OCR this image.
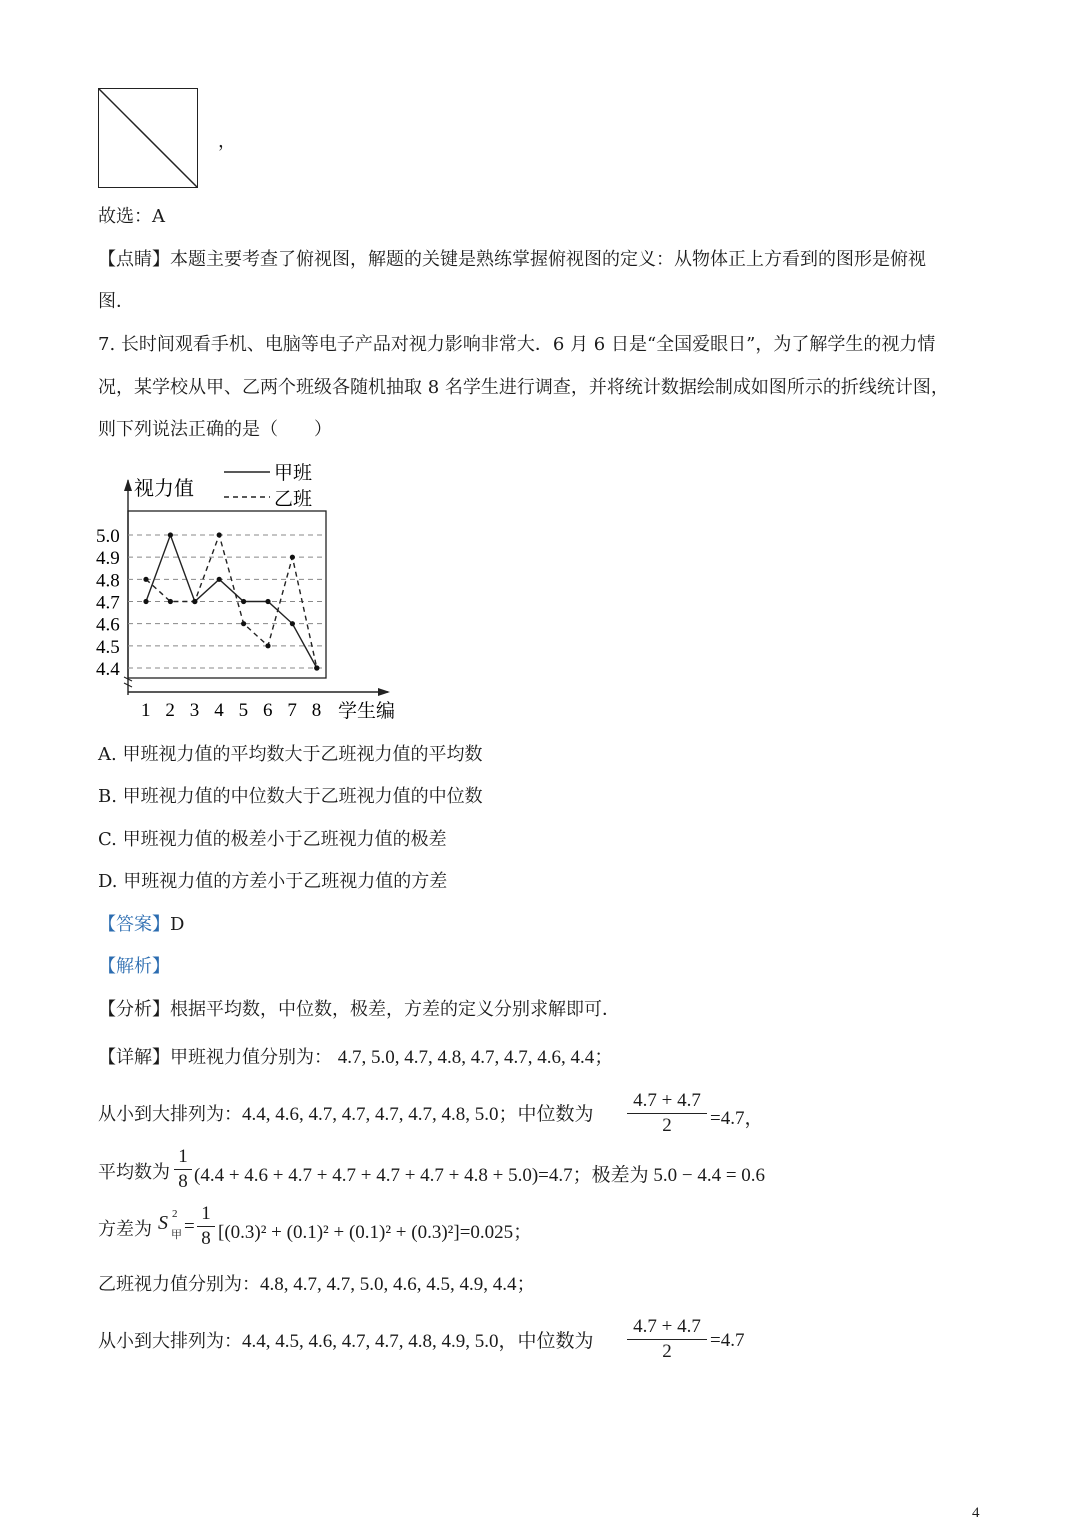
，
故选：A
【点睛】本题主要考查了俯视图，解题的关键是熟练掌握俯视图的定义：从物体正上方看到的图形是俯视
图．
7. 长时间观看手机、电脑等电子产品对视力影响非常大．6 月 6 日是“全国爱眼日”，为了解学生的视力情
况，某学校从甲、乙两个班级各随机抽取 8 名学生进行调查，并将统计数据绘制成如图所示的折线统计图，
则下列说法正确的是（　　）
5.0
4.9
4.8
4.7
4.6
4.5
4.4
1 2 3 4 5 6 7 8
视力值
学生编
甲班
乙班
A. 甲班视力值的平均数大于乙班视力值的平均数
B. 甲班视力值的中位数大于乙班视力值的中位数
C. 甲班视力值的极差小于乙班视力值的极差
D. 甲班视力值的方差小于乙班视力值的方差
【答案】D
【解析】
【分析】根据平均数，中位数，极差，方差的定义分别求解即可．
【详解】甲班视力值分别为： 4.7, 5.0, 4.7, 4.8, 4.7, 4.7, 4.6, 4.4；
从小到大排列为：4.4, 4.6, 4.7, 4.7, 4.7, 4.7, 4.8, 5.0；中位数为
4.7 + 4.7
2	=4.7，
平均数为
1
8 (4.4 + 4.6 + 4.7 + 4.7 + 4.7 + 4.7 + 4.8 + 5.0)=4.7；极差为 5.0 − 4.4 = 0.6
方差为 S 2
甲 =
1
8 [(0.3)² + (0.1)² + (0.1)² + (0.3)²]=0.025；
乙班视力值分别为：4.8, 4.7, 4.7, 5.0, 4.6, 4.5, 4.9, 4.4；
从小到大排列为：4.4, 4.5, 4.6, 4.7, 4.7, 4.8, 4.9, 5.0，中位数为
4.7 + 4.7
2
=4.7
4
